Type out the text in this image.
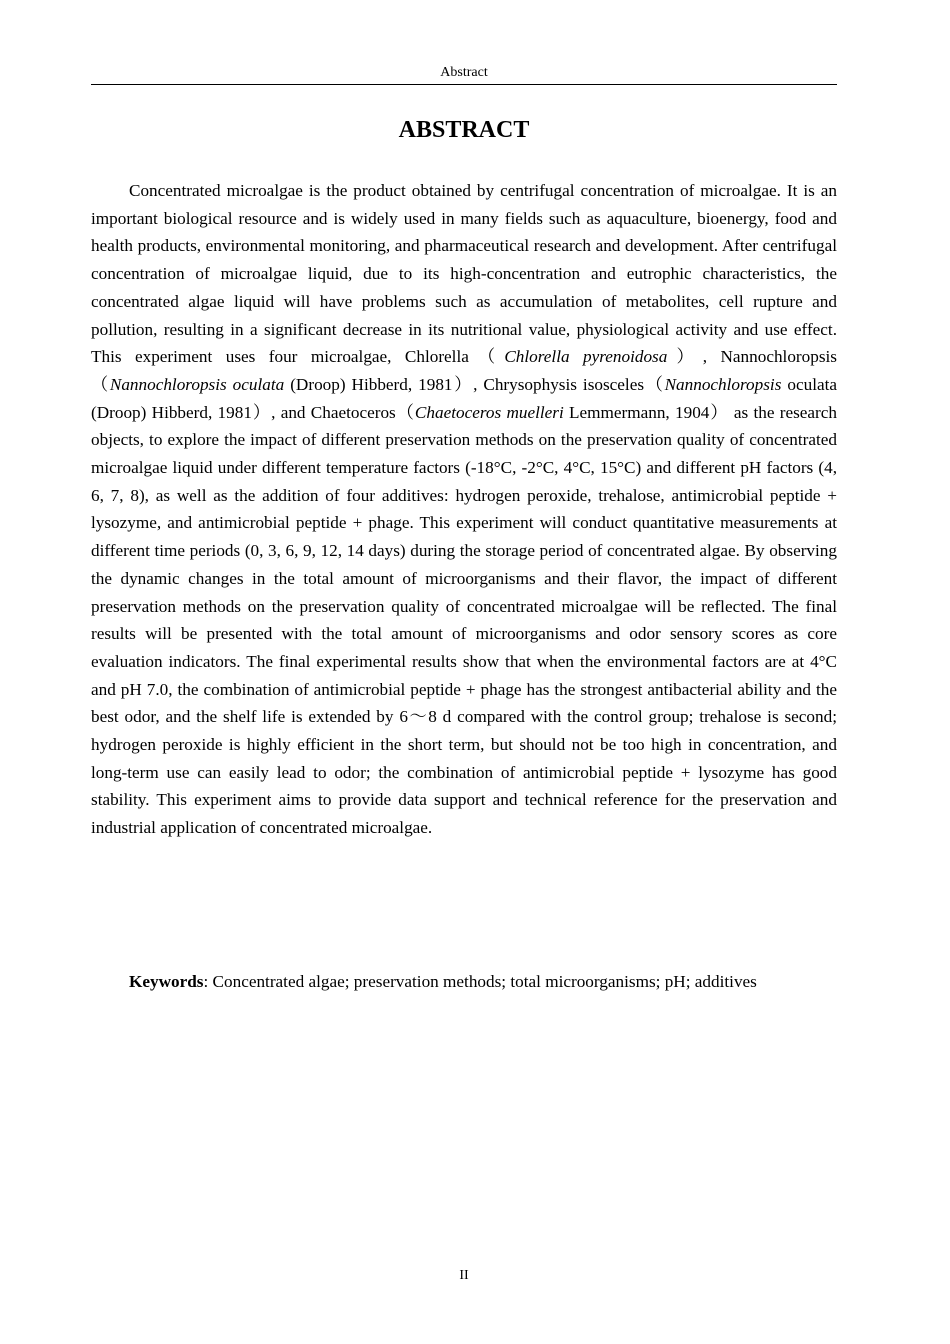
Abstract
ABSTRACT

Concentrated microalgae is the product obtained by centrifugal concentration of microalgae. It is an important biological resource and is widely used in many fields such as aquaculture, bioenergy, food and health products, environmental monitoring, and pharmaceutical research and development. After centrifugal concentration of microalgae liquid, due to its high-concentration and eutrophic characteristics, the concentrated algae liquid will have problems such as accumulation of metabolites, cell rupture and pollution, resulting in a significant decrease in its nutritional value, physiological activity and use effect. This experiment uses four microalgae, Chlorella（Chlorella pyrenoidosa）, Nannochloropsis（Nannochloropsis oculata (Droop) Hibberd, 1981）, Chrysophysis isosceles（Nannochloropsis oculata (Droop) Hibberd, 1981）, and Chaetoceros（Chaetoceros muelleri Lemmermann, 1904） as the research objects, to explore the impact of different preservation methods on the preservation quality of concentrated microalgae liquid under different temperature factors (-18°C, -2°C, 4°C, 15°C) and different pH factors (4, 6, 7, 8), as well as the addition of four additives: hydrogen peroxide, trehalose, antimicrobial peptide + lysozyme, and antimicrobial peptide + phage. This experiment will conduct quantitative measurements at different time periods (0, 3, 6, 9, 12, 14 days) during the storage period of concentrated algae. By observing the dynamic changes in the total amount of microorganisms and their flavor, the impact of different preservation methods on the preservation quality of concentrated microalgae will be reflected. The final results will be presented with the total amount of microorganisms and odor sensory scores as core evaluation indicators. The final experimental results show that when the environmental factors are at 4°C and pH 7.0, the combination of antimicrobial peptide + phage has the strongest antibacterial ability and the best odor, and the shelf life is extended by 6～8 d compared with the control group; trehalose is second; hydrogen peroxide is highly efficient in the short term, but should not be too high in concentration, and long-term use can easily lead to odor; the combination of antimicrobial peptide + lysozyme has good stability. This experiment aims to provide data support and technical reference for the preservation and industrial application of concentrated microalgae.

Keywords: Concentrated algae; preservation methods; total microorganisms; pH; additives

II
